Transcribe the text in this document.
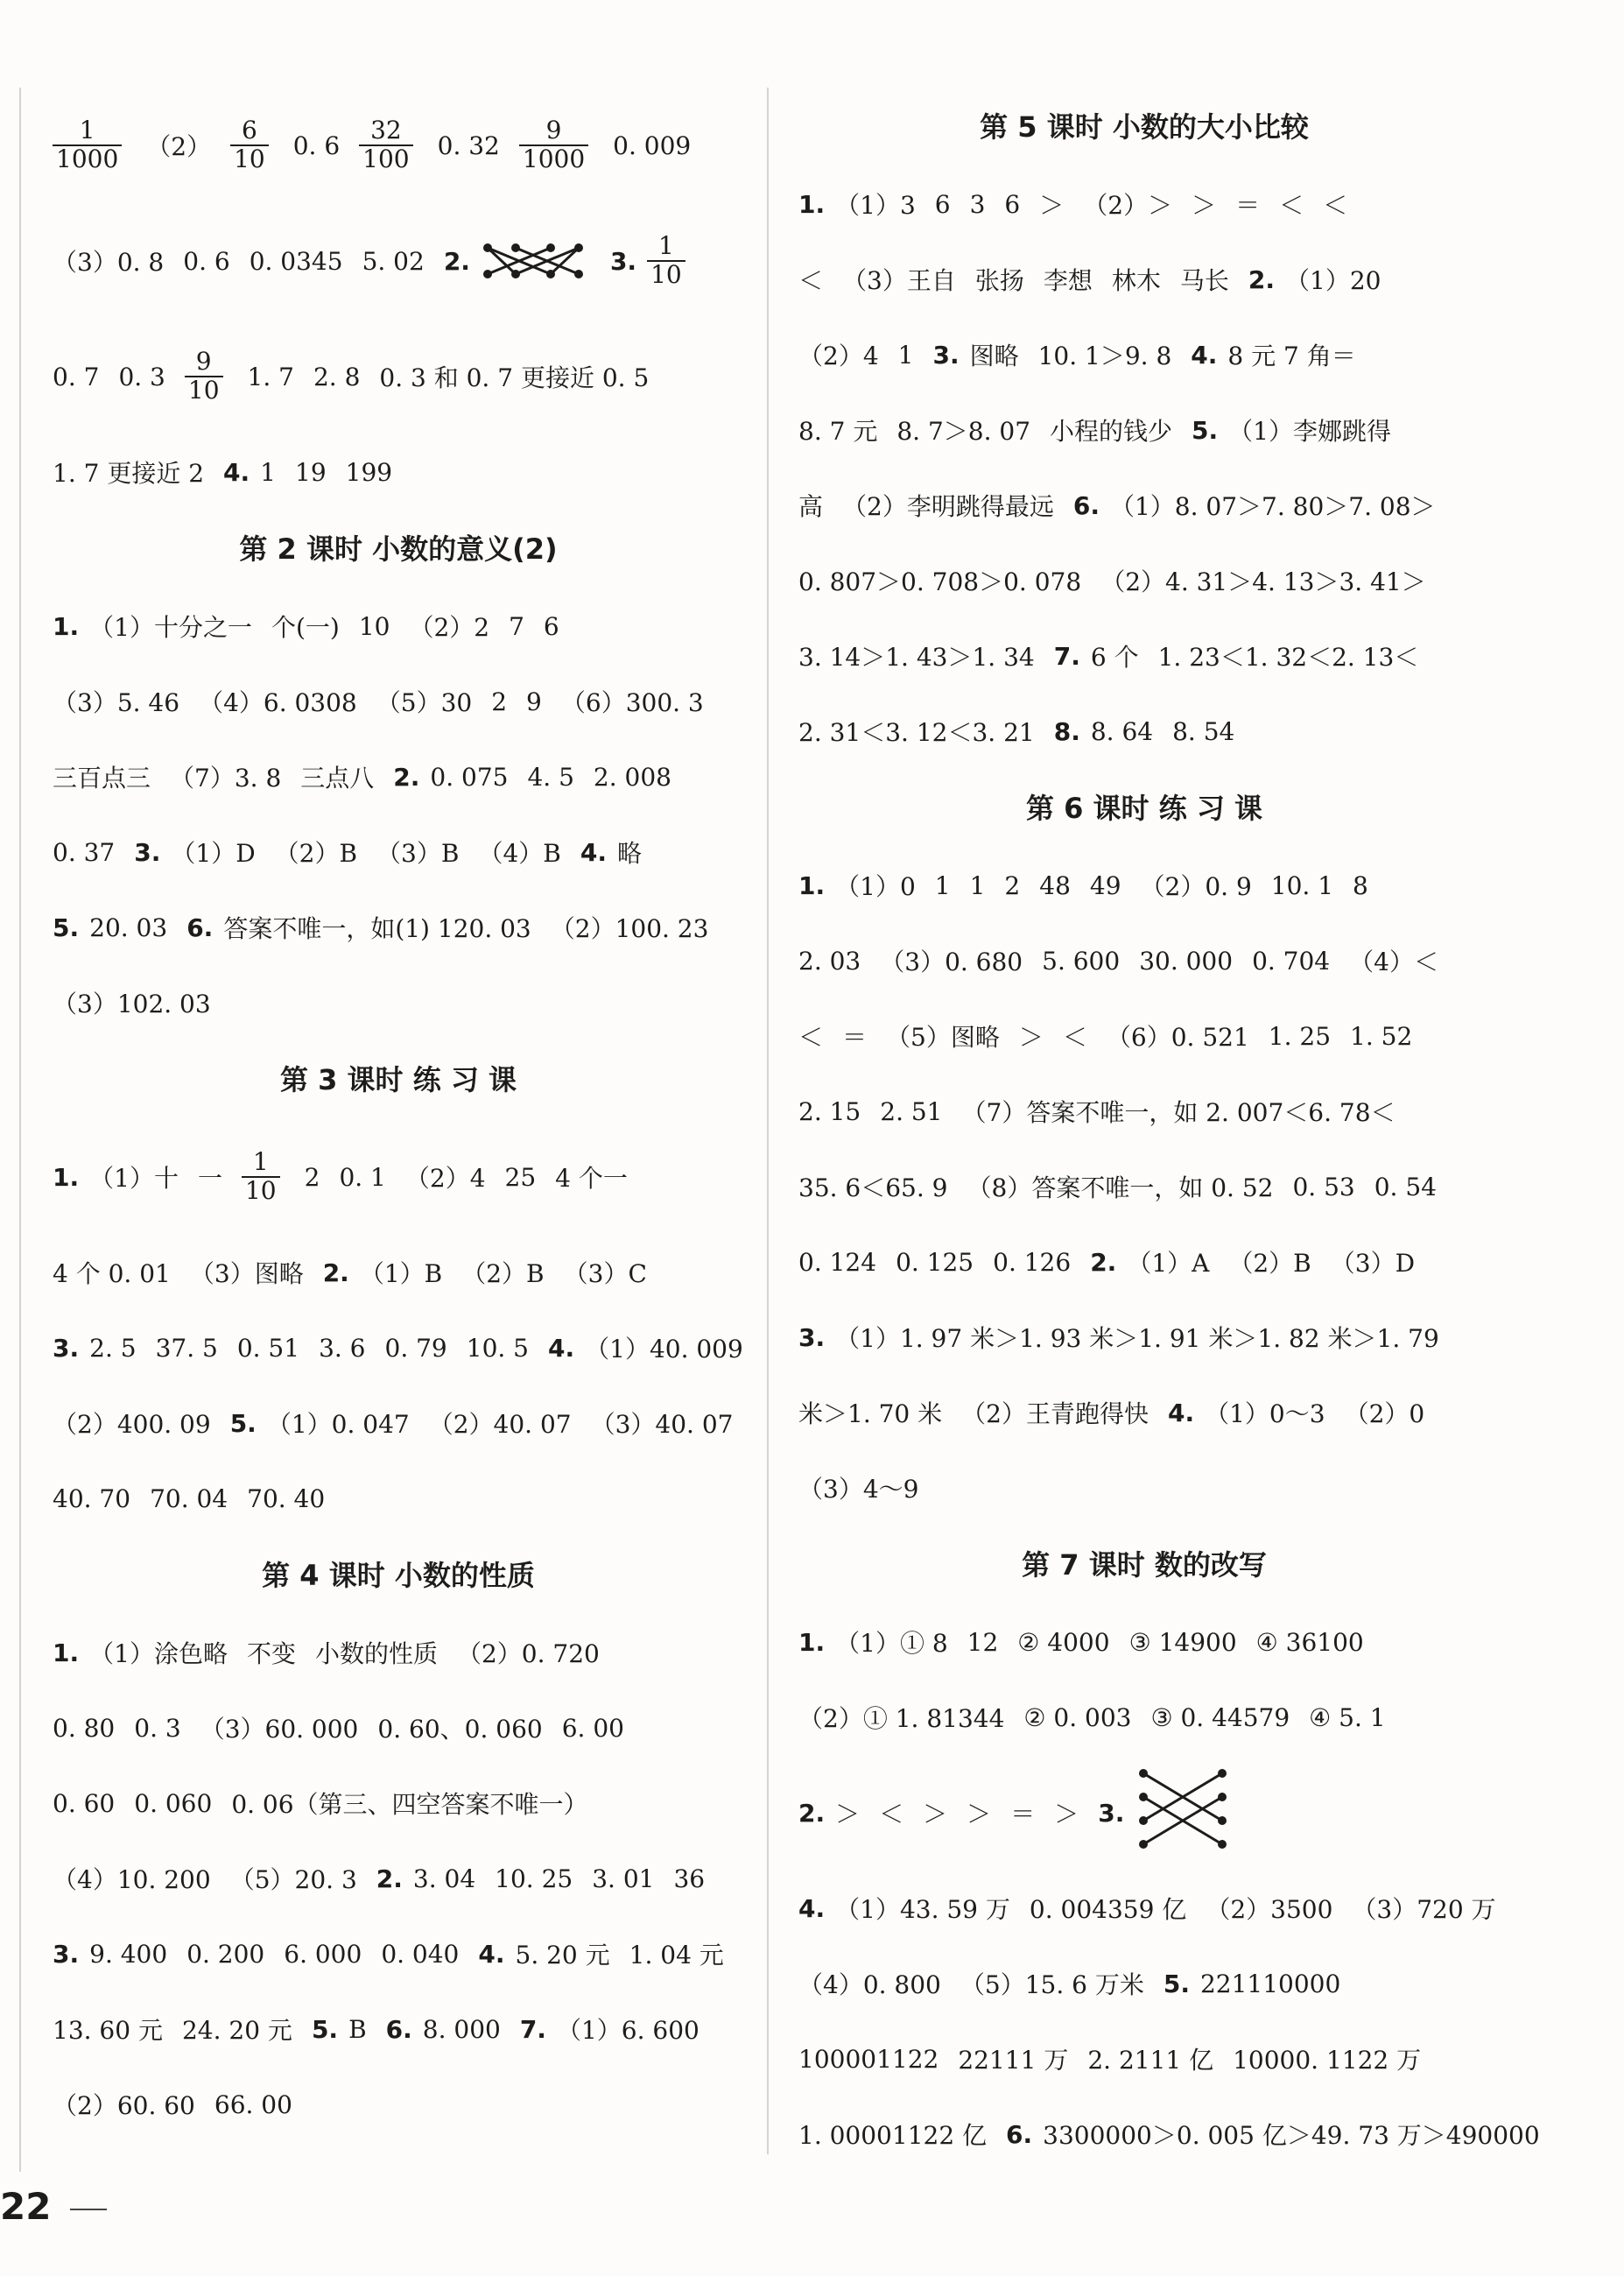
$\frac{1}{1000} (2) \frac{6}{10} 0$. $6 \frac{32}{100} 0$. $32 \frac{9}{1000} 0$. 009
（3）0. 8 0. 6 0. 0345 5. 02 2.	3. $\frac{1}{10}$
0. 7 0. $3 \frac{9}{10} 1$. 7 2. 8 0. 3 和 0. 7 更接近 0. 5
1. 7 更接近 2 4. 1 19 199
第 2 课时 小数的意义(2)
1. （1）十分之一 个(一) 10 （2）2 7 6
（3）5. 46 （4）6. 0308 （5）30 2 9 （6）300. 3
三百点三 （7）3. 8 三点八 2. 0. 075 4. 5 2. 008
0. 37 3. （1）D （2）B （3）B （4）B 4. 略
5. 20. 03 6. 答案不唯一，如(1) 120. 03 （2）100. 23
（3）102. 03
第 3 课时 练 习 课
1. （1）十 一 $\frac{1}{10} 2$ 0. 1 （2）4 25 4 个一
4 个 0. 01 （3）图略 2. （1）B （2）B （3）C
3. 2. 5 37. 5 0. 51 3. 6 0. 79 10. 5 4. （1）40. 009
（2）400. 09 5. （1）0. 047 （2）40. 07 （3）40. 07
40. 70 70. 04 70. 40
第 4 课时 小数的性质
1. （1）涂色略 不变 小数的性质 （2）0. 720
0. 80 0. 3 （3）60. 000 0. 60、0. 060 6. 00
0. 60 0. 060 0. 06（第三、四空答案不唯一）
（4）10. 200 （5）20. 3 2. 3. 04 10. 25 3. 01 36
3. 9. 400 0. 200 6. 000 0. 040 4. 5. 20 元 1. 04 元
13. 60 元 24. 20 元 5. B 6. 8. 000 7. （1）6. 600
（2）60. 60 66. 00
第 5 课时 小数的大小比较
1. （1）3 6 3 6 ＞ （2）＞ ＞ ＝ ＜ ＜
＜ （3）王自 张扬 李想 林木 马长 2. （1）20
（2）4 1 3. 图略 10. 1＞9. 8 4. 8 元 7 角＝
8. 7 元 8. 7＞8. 07 小程的钱少 5. （1）李娜跳得
高 （2）李明跳得最远 6. （1）8. 07＞7. 80＞7. 08＞
0. 807＞0. 708＞0. 078 （2）4. 31＞4. 13＞3. 41＞
3. 14＞1. 43＞1. 34 7. 6 个 1. 23＜1. 32＜2. 13＜
2. 31＜3. 12＜3. 21 8. 8. 64 8. 54
第 6 课时 练 习 课
1. （1）0 1 1 2 48 49 （2）0. 9 10. 1 8
2. 03 （3）0. 680 5. 600 30. 000 0. 704 （4）＜
＜ ＝ （5）图略 ＞ ＜ （6）0. 521 1. 25 1. 52
2. 15 2. 51 （7）答案不唯一，如 2. 007＜6. 78＜
35. 6＜65. 9 （8）答案不唯一，如 0. 52 0. 53 0. 54
0. 124 0. 125 0. 126 2. （1）A （2）B （3）D
3. （1）1. 97 米＞1. 93 米＞1. 91 米＞1. 82 米＞1. 79
米＞1. 70 米 （2）王青跑得快 4. （1）0～3 （2）0
（3）4～9
第 7 课时 数的改写
1. （1）① 8 12 ② 4000 ③ 14900 ④ 36100
（2）① 1. 81344 ② 0. 003 ③ 0. 44579 ④ 5. 1
2. ＞ ＜ ＞ ＞ ＝ ＞ 3.
4. （1）43. 59 万 0. 004359 亿 （2）3500 （3）720 万
（4）0. 800 （5）15. 6 万米 5. 221110000
100001122 22111 万 2. 2111 亿 10000. 1122 万
1. 00001122 亿 6. 3300000＞0. 005 亿＞49. 73 万＞490000
22
